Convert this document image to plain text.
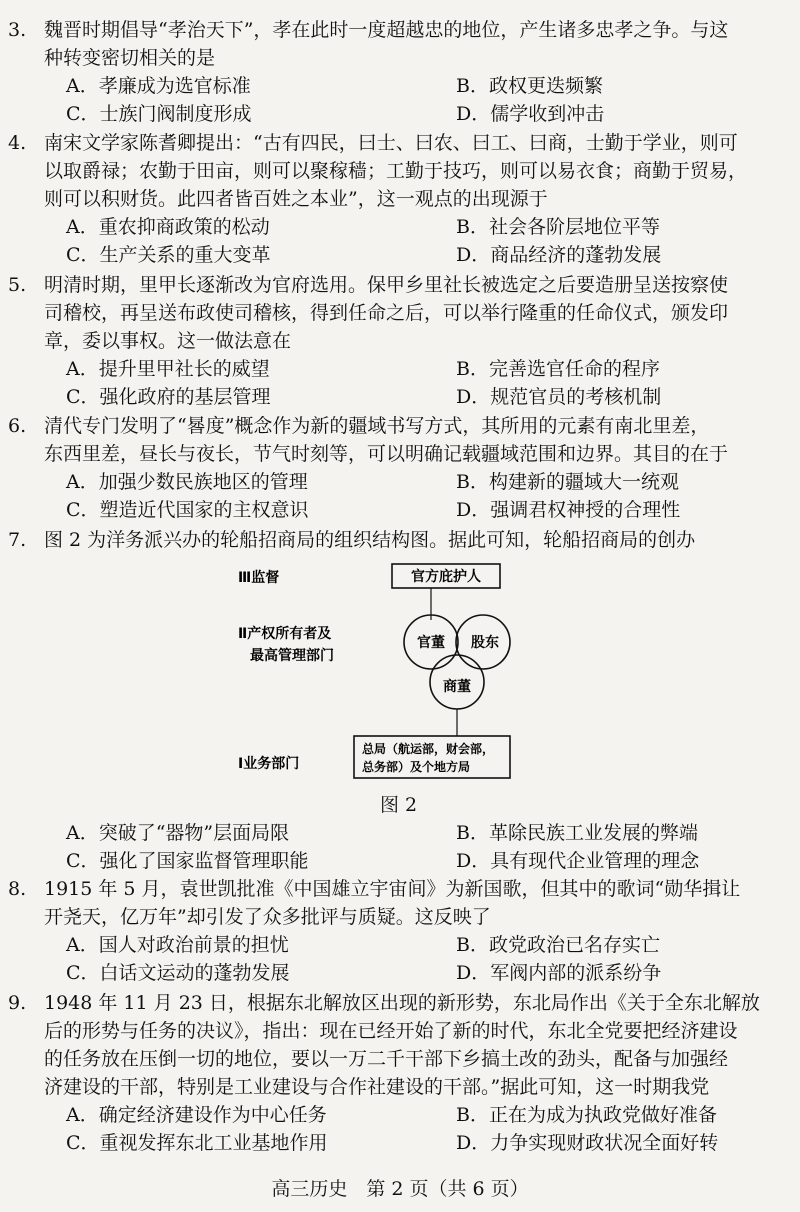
3. 魏晋时期倡导“孝治天下”，孝在此时一度超越忠的地位，产生诸多忠孝之争。与这
种转变密切相关的是
A．孝廉成为选官标准	B．政权更迭频繁
C．士族门阀制度形成	D．儒学收到冲击
4. 南宋文学家陈耆卿提出：“古有四民，曰士、曰农、曰工、曰商，士勤于学业，则可
以取爵禄；农勤于田亩，则可以聚稼穑；工勤于技巧，则可以易衣食；商勤于贸易，
则可以积财货。此四者皆百姓之本业”，这一观点的出现源于
A．重农抑商政策的松动	B．社会各阶层地位平等
C．生产关系的重大变革	D．商品经济的蓬勃发展
5. 明清时期，里甲长逐渐改为官府选用。保甲乡里社长被选定之后要造册呈送按察使
司稽校，再呈送布政使司稽核，得到任命之后，可以举行隆重的任命仪式，颁发印
章，委以事权。这一做法意在
A．提升里甲社长的威望	B．完善选官任命的程序
C．强化政府的基层管理	D．规范官员的考核机制
6. 清代专门发明了“晷度”概念作为新的疆域书写方式，其所用的元素有南北里差，
东西里差，昼长与夜长，节气时刻等，可以明确记载疆域范围和边界。其目的在于
A．加强少数民族地区的管理	B．构建新的疆域大一统观
C．塑造近代国家的主权意识	D．强调君权神授的合理性
7. 图 2 为洋务派兴办的轮船招商局的组织结构图。据此可知，轮船招商局的创办
Ⅲ监督	官方庇护人
Ⅱ产权所有者及
最高管理部门
官董 股东
商董
Ⅰ业务部门
总局（航运部，财会部，
总务部）及个地方局
图 2
A．突破了“器物”层面局限	B．革除民族工业发展的弊端
C．强化了国家监督管理职能	D．具有现代企业管理的理念
8. 1915 年 5 月，袁世凯批准《中国雄立宇宙间》为新国歌，但其中的歌词“勋华揖让
开尧天，亿万年”却引发了众多批评与质疑。这反映了
A．国人对政治前景的担忧	B．政党政治已名存实亡
C．白话文运动的蓬勃发展	D．军阀内部的派系纷争
9. 1948 年 11 月 23 日，根据东北解放区出现的新形势，东北局作出《关于全东北解放
后的形势与任务的决议》，指出：现在已经开始了新的时代，东北全党要把经济建设
的任务放在压倒一切的地位，要以一万二千干部下乡搞土改的劲头，配备与加强经
济建设的干部，特别是工业建设与合作社建设的干部。”据此可知，这一时期我党
A．确定经济建设作为中心任务	B．正在为成为执政党做好准备
C．重视发挥东北工业基地作用	D．力争实现财政状况全面好转
高三历史　第 2 页（共 6 页）
